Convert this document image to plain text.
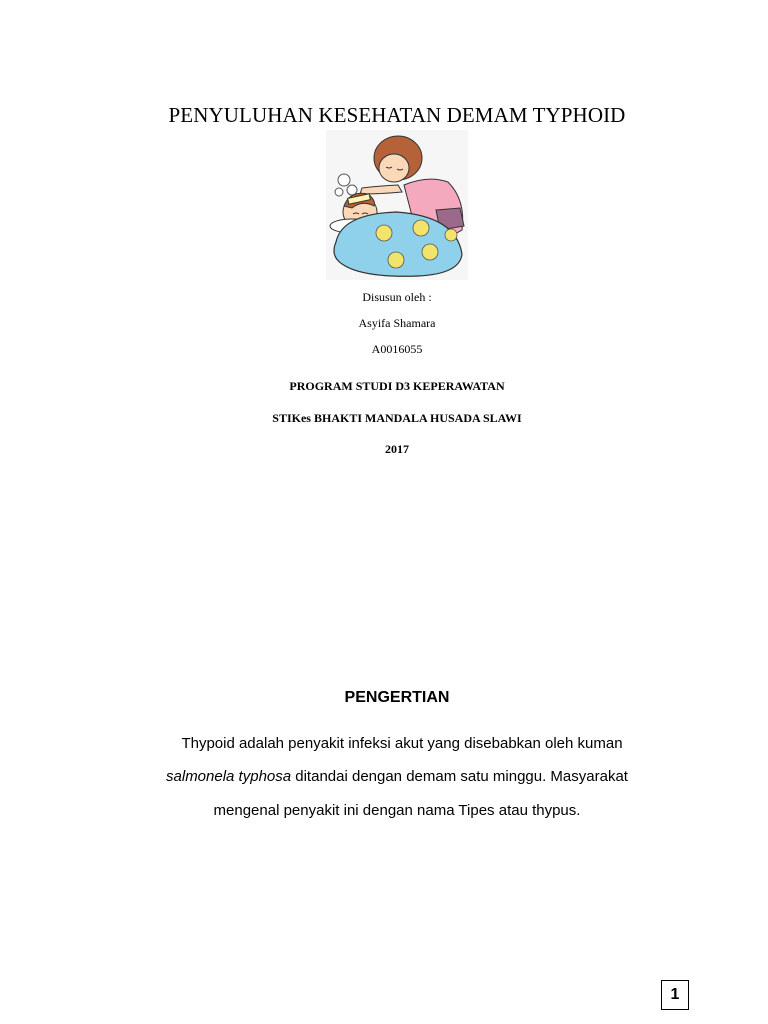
PENYULUHAN KESEHATAN DEMAM TYPHOID
Disusun oleh :
Asyifa Shamara
A0016055
PROGRAM STUDI D3 KEPERAWATAN
STIKes BHAKTI MANDALA HUSADA SLAWI
2017
PENGERTIAN
Thypoid adalah penyakit infeksi akut yang disebabkan oleh kuman
salmonela typhosa ditandai dengan demam satu minggu. Masyarakat
mengenal penyakit ini dengan nama Tipes atau thypus.
1
